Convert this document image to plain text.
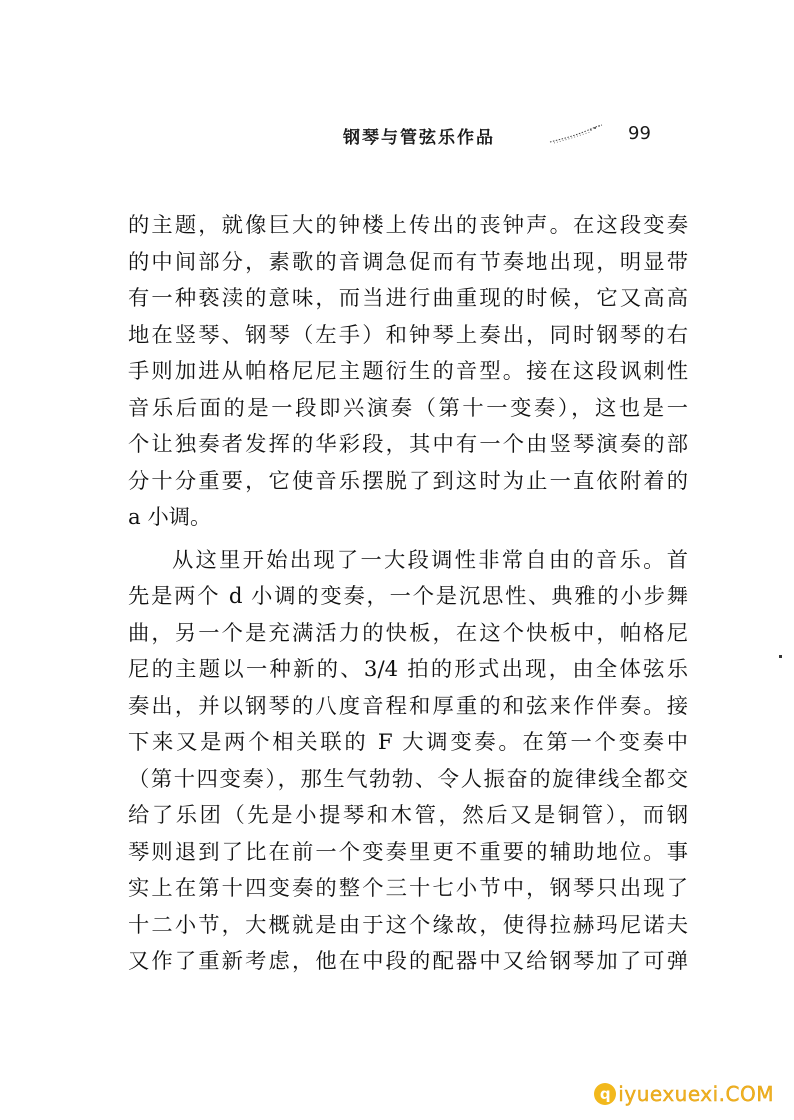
钢琴与管弦乐作品	99
的主题，就像巨大的钟楼上传出的丧钟声。在这段变奏
的中间部分，素歌的音调急促而有节奏地出现，明显带
有一种亵渎的意味，而当进行曲重现的时候，它又高高
地在竖琴、钢琴（左手）和钟琴上奏出，同时钢琴的右
手则加进从帕格尼尼主题衍生的音型。接在这段讽刺性
音乐后面的是一段即兴演奏（第十一变奏），这也是一
个让独奏者发挥的华彩段，其中有一个由竖琴演奏的部
分十分重要，它使音乐摆脱了到这时为止一直依附着的
a 小调。
从这里开始出现了一大段调性非常自由的音乐。首
先是两个 d 小调的变奏，一个是沉思性、典雅的小步舞
曲，另一个是充满活力的快板，在这个快板中，帕格尼
尼的主题以一种新的、3/4 拍的形式出现，由全体弦乐
奏出，并以钢琴的八度音程和厚重的和弦来作伴奏。接
下来又是两个相关联的 F 大调变奏。在第一个变奏中
（第十四变奏），那生气勃勃、令人振奋的旋律线全都交
给了乐团（先是小提琴和木管，然后又是铜管），而钢
琴则退到了比在前一个变奏里更不重要的辅助地位。事
实上在第十四变奏的整个三十七小节中，钢琴只出现了
十二小节，大概就是由于这个缘故，使得拉赫玛尼诺夫
又作了重新考虑，他在中段的配器中又给钢琴加了可弹
q iyuexuexi.COM
